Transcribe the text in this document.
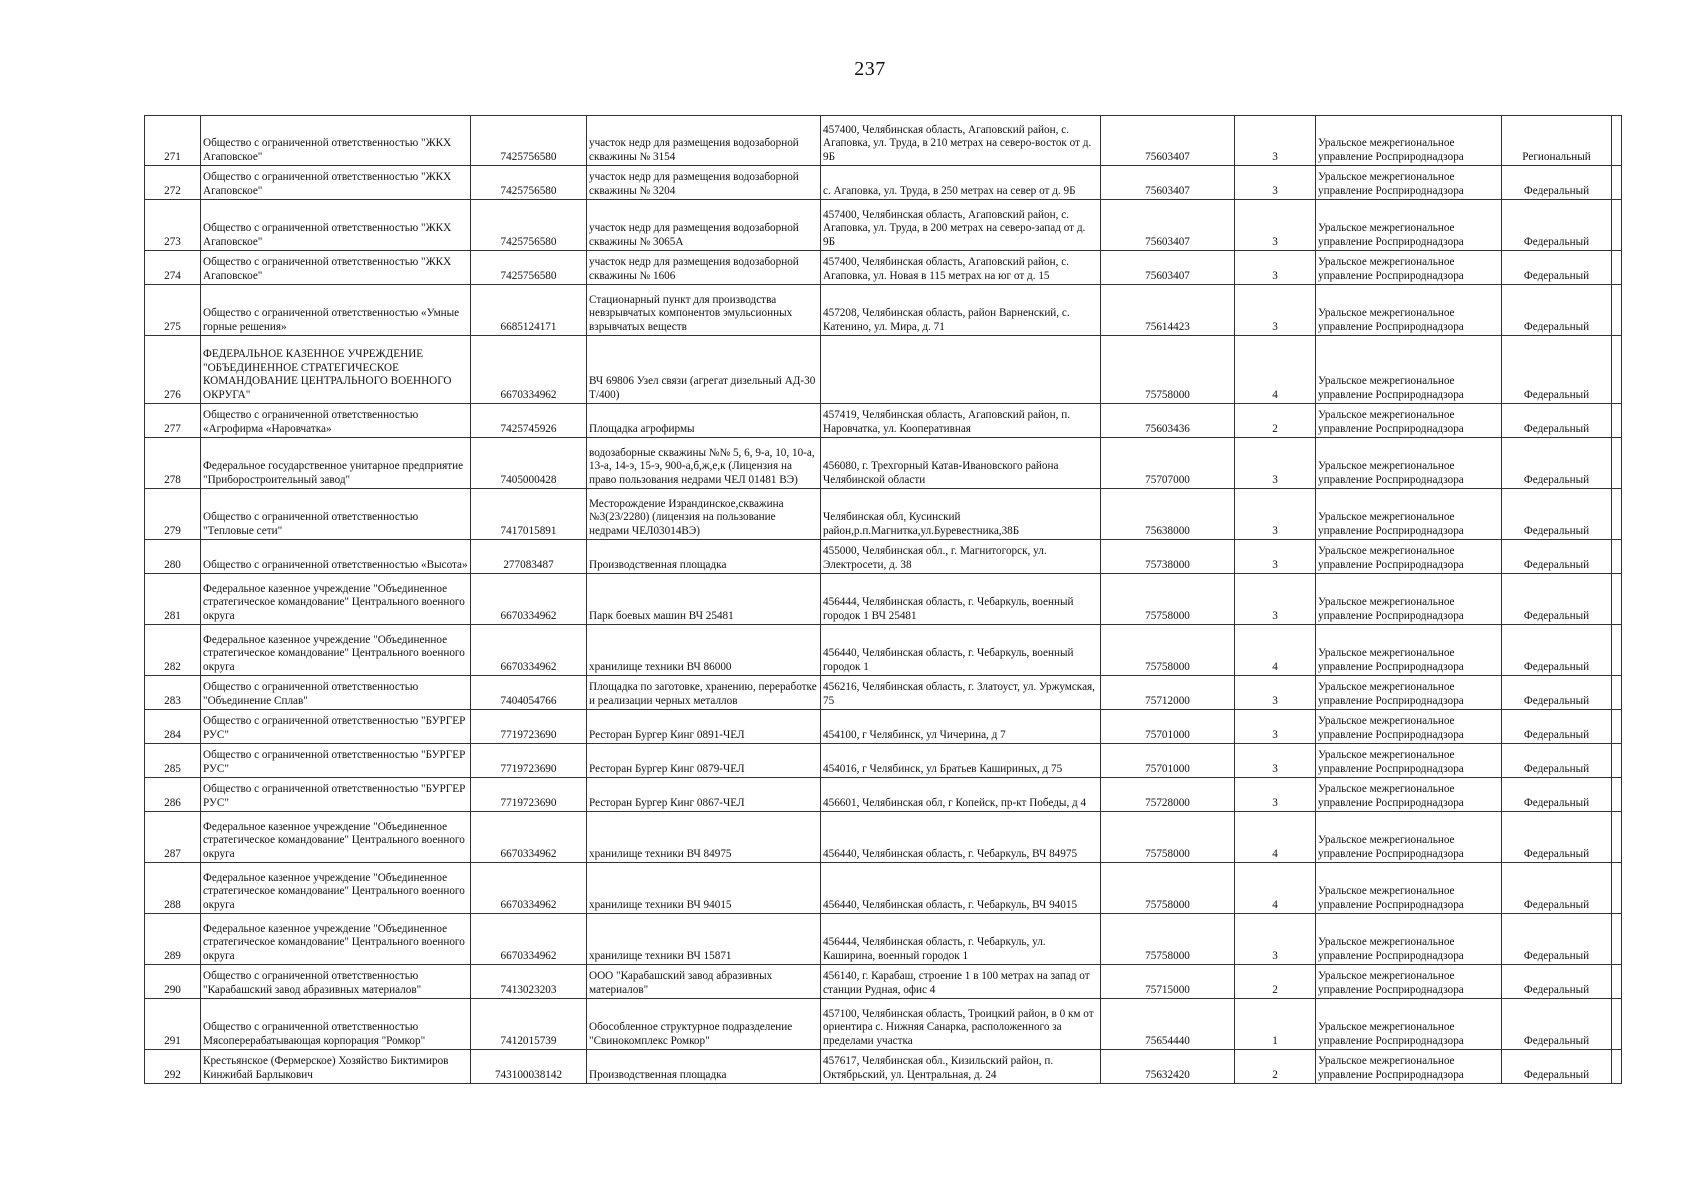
237
271	Общество с ограниченной ответственностью "ЖКХ Агаповское"	7425756580	участок недр для размещения водозаборной скважины № 3154	457400, Челябинская область, Агаповский район, с. Агаповка, ул. Труда, в 210 метрах на северо-восток от д. 9Б	75603407	3	Уральское межрегиональное управление Росприроднадзора	Региональный	
272	Общество с ограниченной ответственностью "ЖКХ Агаповское"	7425756580	участок недр для размещения водозаборной скважины № 3204	с. Агаповка, ул. Труда, в 250 метрах на север от д. 9Б	75603407	3	Уральское межрегиональное управление Росприроднадзора	Федеральный	
273	Общество с ограниченной ответственностью "ЖКХ Агаповское"	7425756580	участок недр для размещения водозаборной скважины № 3065А	457400, Челябинская область, Агаповский район, с. Агаповка, ул. Труда, в 200 метрах на северо-запад от д. 9Б	75603407	3	Уральское межрегиональное управление Росприроднадзора	Федеральный	
274	Общество с ограниченной ответственностью "ЖКХ Агаповское"	7425756580	участок недр для размещения водозаборной скважины № 1606	457400, Челябинская область, Агаповский район, с. Агаповка, ул. Новая в 115 метрах на юг от д. 15	75603407	3	Уральское межрегиональное управление Росприроднадзора	Федеральный	
275	Общество с ограниченной ответственностью «Умные горные решения»	6685124171	Стационарный пункт для производства невзрывчатых компонентов эмульсионных взрывчатых веществ	457208, Челябинская область, район Варненский, с. Катенино, ул. Мира, д. 71	75614423	3	Уральское межрегиональное управление Росприроднадзора	Федеральный	
276	ФЕДЕРАЛЬНОЕ КАЗЕННОЕ УЧРЕЖДЕНИЕ "ОБЪЕДИНЕННОЕ СТРАТЕГИЧЕСКОЕ КОМАНДОВАНИЕ ЦЕНТРАЛЬНОГО ВОЕННОГО ОКРУГА"	6670334962	ВЧ 69806 Узел связи (агрегат дизельный АД-30 Т/400)		75758000	4	Уральское межрегиональное управление Росприроднадзора	Федеральный	
277	Общество с ограниченной ответственностью «Агрофирма «Наровчатка»	7425745926	Площадка агрофирмы	457419, Челябинская область, Агаповский район, п. Наровчатка, ул. Кооперативная	75603436	2	Уральское межрегиональное управление Росприроднадзора	Федеральный	
278	Федеральное государственное унитарное предприятие "Приборостроительный завод"	7405000428	водозаборные скважины №№ 5, 6, 9-а, 10, 10-а, 13-а, 14-э, 15-э, 900-а,б,ж,е,к (Лицензия на право пользования недрами ЧЕЛ 01481 ВЭ)	456080, г. Трехгорный Катав-Ивановского района Челябинской области	75707000	3	Уральское межрегиональное управление Росприроднадзора	Федеральный	
279	Общество с ограниченной ответственностью "Тепловые сети"	7417015891	Месторождение Израндинское,скважина №3(23/2280) (лицензия на пользование недрами ЧЕЛ03014ВЭ)	Челябинская обл, Кусинский район,р.п.Магнитка,ул.Буревестника,38Б	75638000	3	Уральское межрегиональное управление Росприроднадзора	Федеральный	
280	Общество с ограниченной ответственностью «Высота»	277083487	Производственная площадка	455000, Челябинская обл., г. Магнитогорск, ул. Электросети, д. 38	75738000	3	Уральское межрегиональное управление Росприроднадзора	Федеральный	
281	Федеральное казенное учреждение "Объединенное стратегическое командование" Центрального военного округа	6670334962	Парк боевых машин ВЧ 25481	456444, Челябинская область, г. Чебаркуль, военный городок 1 ВЧ 25481	75758000	3	Уральское межрегиональное управление Росприроднадзора	Федеральный	
282	Федеральное казенное учреждение "Объединенное стратегическое командование" Центрального военного округа	6670334962	хранилище техники ВЧ 86000	456440, Челябинская область, г. Чебаркуль, военный городок 1	75758000	4	Уральское межрегиональное управление Росприроднадзора	Федеральный	
283	Общество с ограниченной ответственностью "Объединение Сплав"	7404054766	Площадка по заготовке, хранению, переработке и реализации черных металлов	456216, Челябинская область, г. Златоуст, ул. Уржумская, 75	75712000	3	Уральское межрегиональное управление Росприроднадзора	Федеральный	
284	Общество с ограниченной ответственностью "БУРГЕР РУС"	7719723690	Ресторан Бургер Кинг 0891-ЧЕЛ	454100, г Челябинск, ул Чичерина, д 7	75701000	3	Уральское межрегиональное управление Росприроднадзора	Федеральный	
285	Общество с ограниченной ответственностью "БУРГЕР РУС"	7719723690	Ресторан Бургер Кинг 0879-ЧЕЛ	454016, г Челябинск, ул Братьев Кашириных, д 75	75701000	3	Уральское межрегиональное управление Росприроднадзора	Федеральный	
286	Общество с ограниченной ответственностью "БУРГЕР РУС"	7719723690	Ресторан Бургер Кинг 0867-ЧЕЛ	456601, Челябинская обл, г Копейск, пр-кт Победы, д 4	75728000	3	Уральское межрегиональное управление Росприроднадзора	Федеральный	
287	Федеральное казенное учреждение "Объединенное стратегическое командование" Центрального военного округа	6670334962	хранилище техники ВЧ 84975	456440, Челябинская область, г. Чебаркуль, ВЧ 84975	75758000	4	Уральское межрегиональное управление Росприроднадзора	Федеральный	
288	Федеральное казенное учреждение "Объединенное стратегическое командование" Центрального военного округа	6670334962	хранилище техники ВЧ 94015	456440, Челябинская область, г. Чебаркуль, ВЧ 94015	75758000	4	Уральское межрегиональное управление Росприроднадзора	Федеральный	
289	Федеральное казенное учреждение "Объединенное стратегическое командование" Центрального военного округа	6670334962	хранилище техники ВЧ 15871	456444, Челябинская область, г. Чебаркуль, ул. Каширина, военный городок 1	75758000	3	Уральское межрегиональное управление Росприроднадзора	Федеральный	
290	Общество с ограниченной ответственностью "Карабашский завод абразивных материалов"	7413023203	ООО "Карабашский завод абразивных материалов"	456140, г. Карабаш, строение 1 в 100 метрах на запад от станции Рудная, офис 4	75715000	2	Уральское межрегиональное управление Росприроднадзора	Федеральный	
291	Общество с ограниченной ответственностью Мясоперерабатывающая корпорация "Ромкор"	7412015739	Обособленное структурное подразделение "Свинокомплекс Ромкор"	457100, Челябинская область, Троицкий район, в 0 км от ориентира с. Нижняя Санарка, расположенного за пределами участка	75654440	1	Уральское межрегиональное управление Росприроднадзора	Федеральный	
292	Крестьянское (Фермерское) Хозяйство Биктимиров Кинжибай Барлыкович	743100038142	Производственная площадка	457617, Челябинская обл., Кизильский район, п. Октябрьский, ул. Центральная, д. 24	75632420	2	Уральское межрегиональное управление Росприроднадзора	Федеральный	
